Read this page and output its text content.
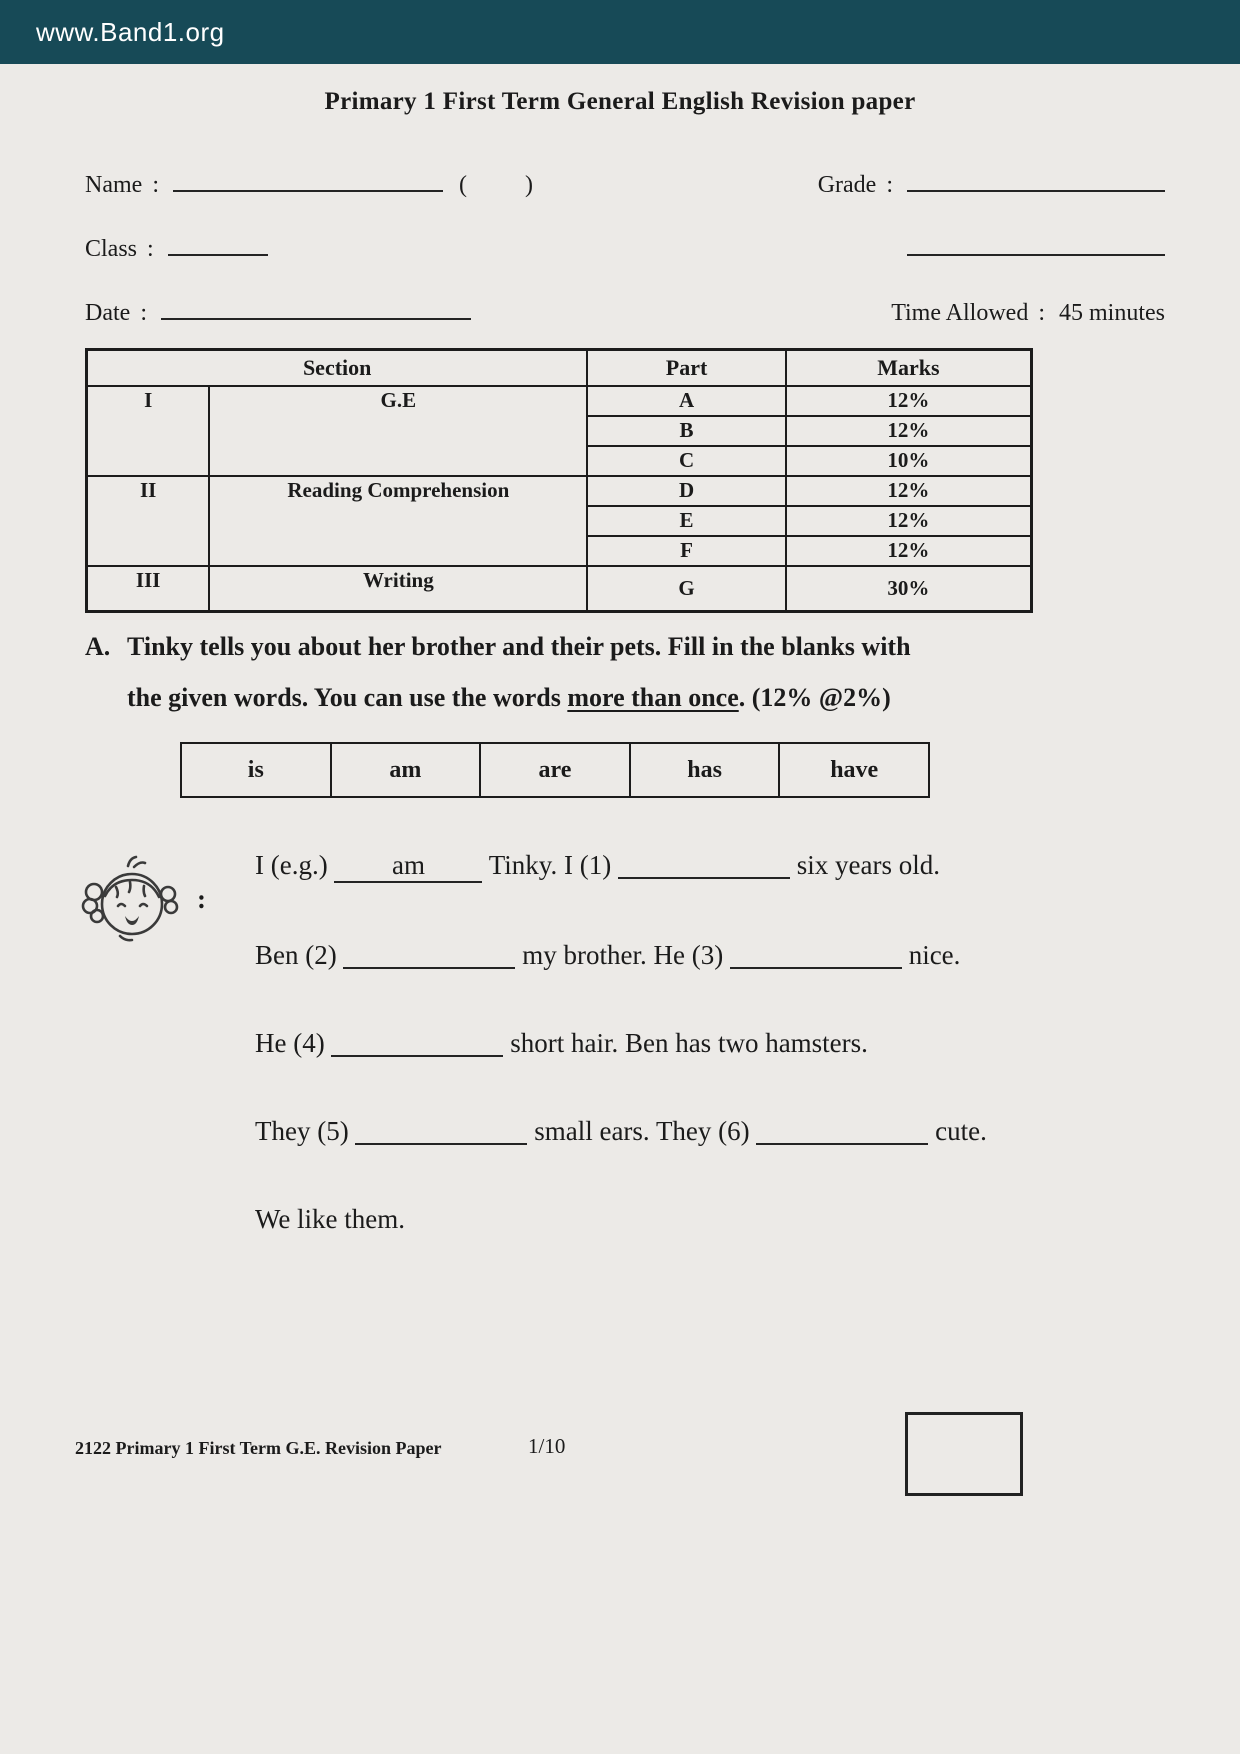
www.Band1.org
Primary 1 First Term General English Revision paper
Name :	(       )	Grade :
Class :
Date :	Time Allowed : 45 minutes
Section		Part	Marks
I	G.E	A	12%
		B	12%
		C	10%
II	Reading Comprehension	D	12%
		E	12%
		F	12%
III	Writing	G	30%
A. Tinky tells you about her brother and their pets. Fill in the blanks with
the given words. You can use the words more than once. (12% @2%)
is	am	are	has	have
:
I (e.g.) am Tinky. I (1)	six years old.
Ben (2)	my brother. He (3)	nice.
He (4)	short hair. Ben has two hamsters.
They (5)	small ears. They (6)	cute.
We like them.
2122 Primary 1 First Term G.E. Revision Paper	1/10
